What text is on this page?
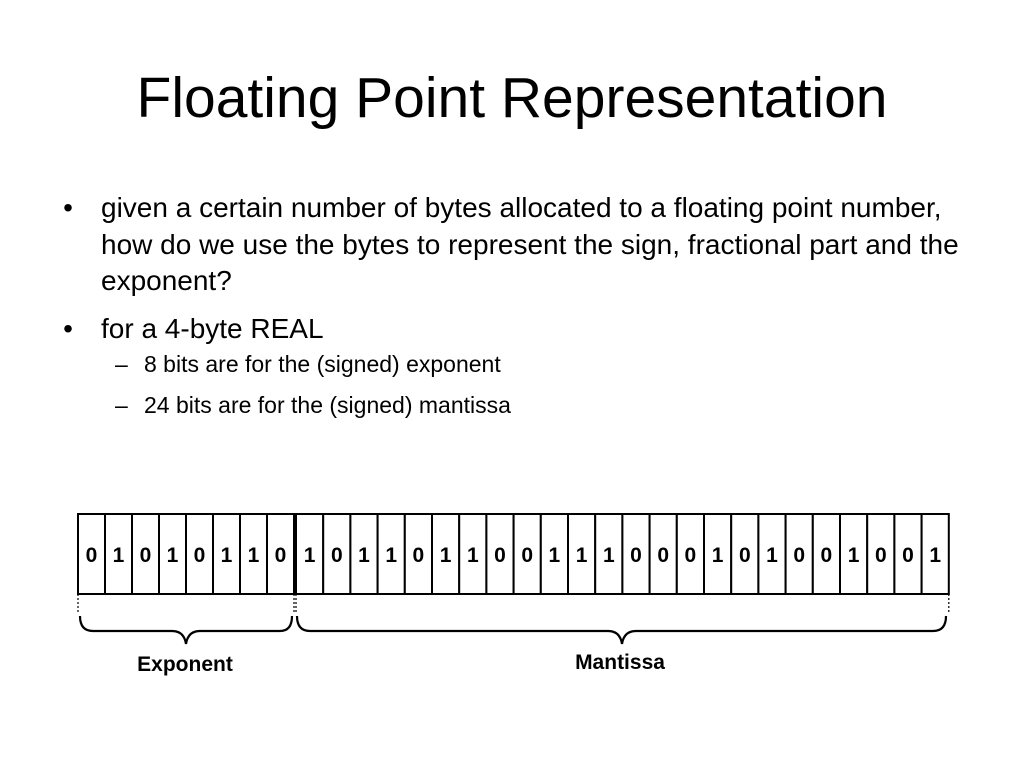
Floating Point Representation
• given a certain number of bytes allocated to a floating point number, how do we use the bytes to represent the sign, fractional part and the exponent?
• for a 4-byte REAL
– 8 bits are for the (signed) exponent
– 24 bits are for the (signed) mantissa
0 1 0 1 0 1 1 0 1 0 1 1 0 1 1 0 0 1 1 1 0 0 0 1 0 1 0 0 1 0 0 1
Exponent	Mantissa
